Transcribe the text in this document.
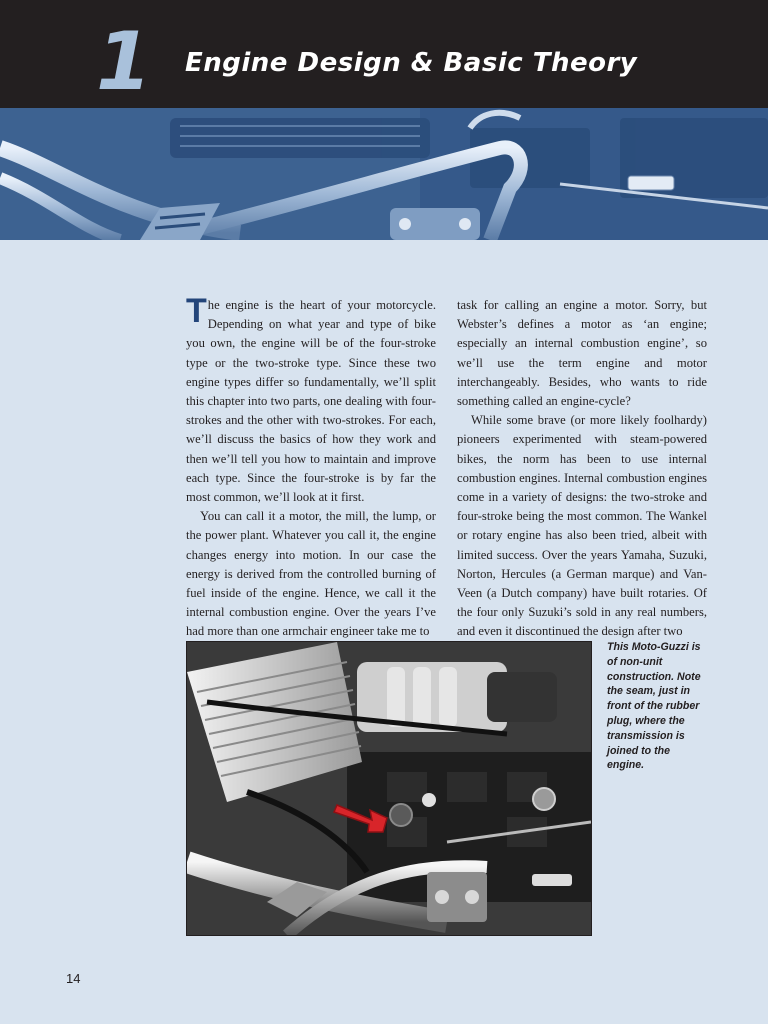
1 Engine Design & Basic Theory

The engine is the heart of your motorcycle. Depending on what year and type of bike you own, the engine will be of the four-stroke type or the two-stroke type. Since these two engine types differ so fundamentally, we’ll split this chapter into two parts, one dealing with four-strokes and the other with two-strokes. For each, we’ll discuss the basics of how they work and then we’ll tell you how to maintain and improve each type. Since the four-stroke is by far the most common, we’ll look at it first.

You can call it a motor, the mill, the lump, or the power plant. Whatever you call it, the engine changes energy into motion. In our case the energy is derived from the controlled burning of fuel inside of the engine. Hence, we call it the internal combustion engine. Over the years I’ve had more than one armchair engineer take me to

task for calling an engine a motor. Sorry, but Webster’s defines a motor as ‘an engine; especially an internal combustion engine’, so we’ll use the term engine and motor interchangeably. Besides, who wants to ride something called an engine-cycle?

While some brave (or more likely foolhardy) pioneers experimented with steam-powered bikes, the norm has been to use internal combustion engines. Internal combustion engines come in a variety of designs: the two-stroke and four-stroke being the most common. The Wankel or rotary engine has also been tried, albeit with limited success. Over the years Yamaha, Suzuki, Norton, Hercules (a German marque) and Van-Veen (a Dutch company) have built rotaries. Of the four only Suzuki’s sold in any real numbers, and even it discontinued the design after two

This Moto-Guzzi is of non-unit construction. Note the seam, just in front of the rubber plug, where the transmission is joined to the engine.
14
